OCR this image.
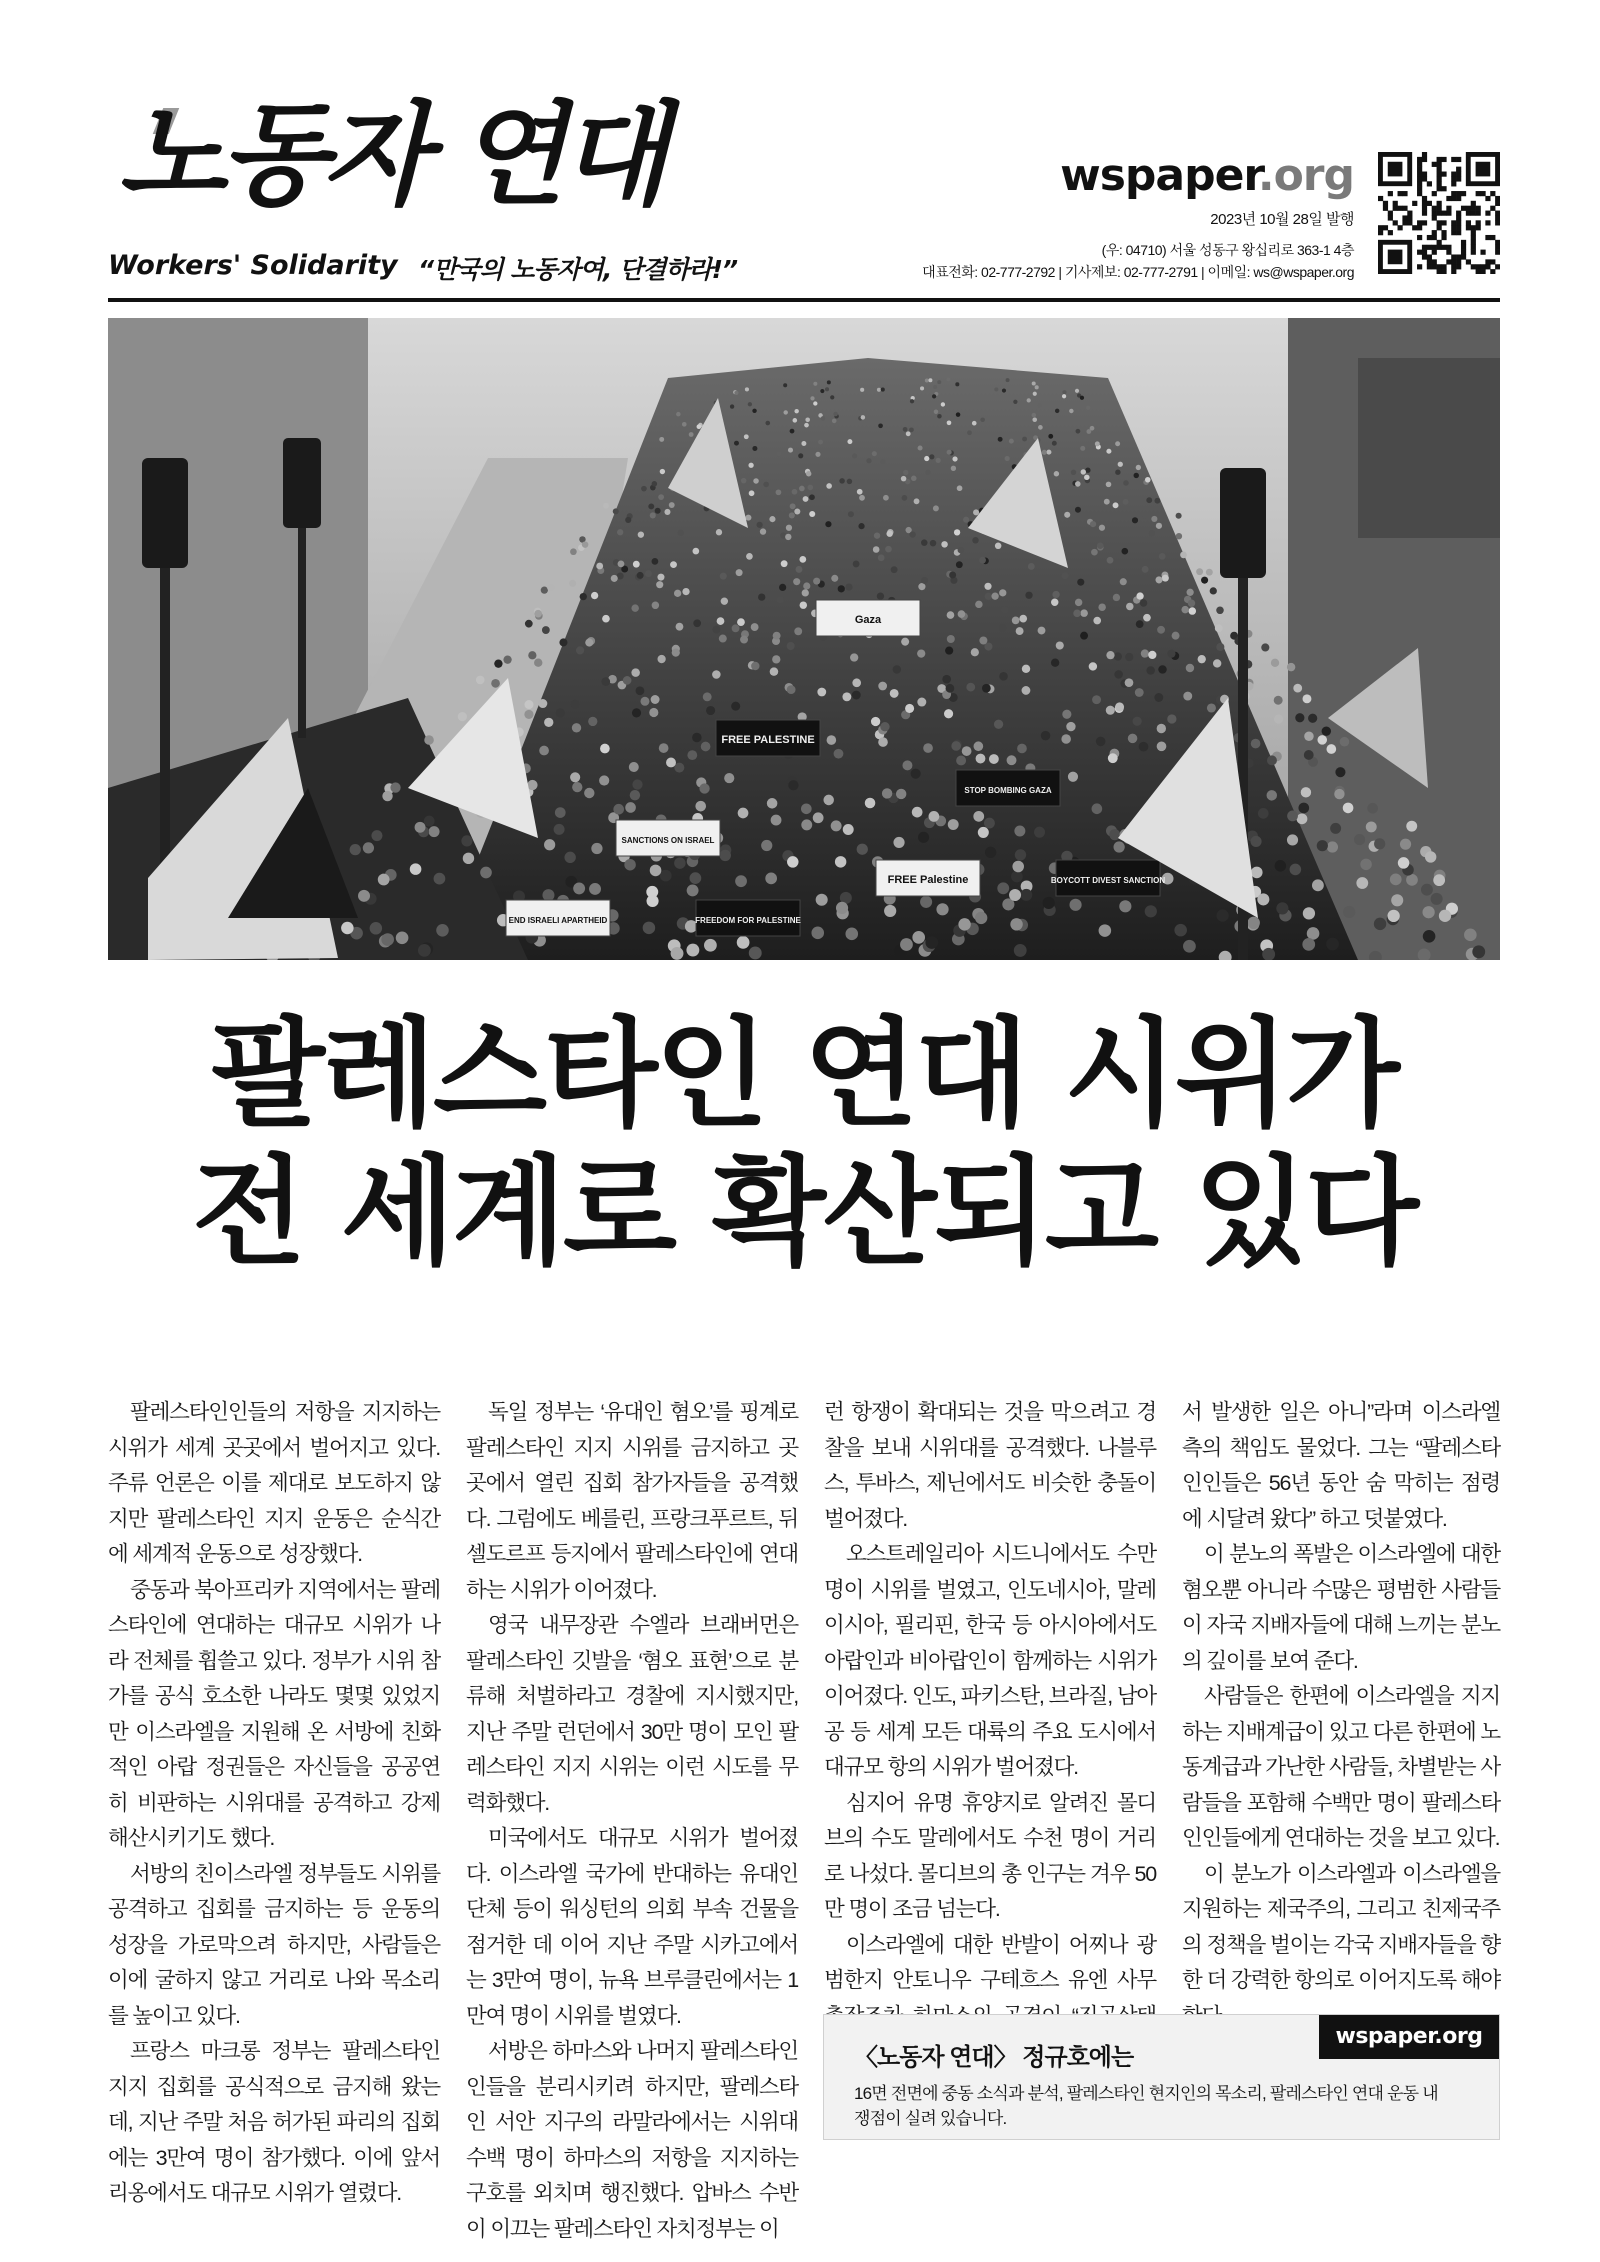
노동자 연대
Workers' Solidarity “만국의 노동자여, 단결하라!”
wspaper.org
2023년 10월 28일 발행
(우: 04710) 서울 성동구 왕십리로 363-1 4층
대표전화: 02-777-2792 | 기사제보: 02-777-2791 | 이메일: ws@wspaper.org
FREE PALESTINE
Gaza
STOP BOMBING GAZA
SANCTIONS ON ISRAEL
BOYCOTT DIVEST SANCTION
FREE Palestine
FREEDOM FOR PALESTINE
END ISRAELI APARTHEID
팔레스타인 연대 시위가
전 세계로 확산되고 있다

팔레스타인인들의 저항을 지지하는 시위가 세계 곳곳에서 벌어지고 있다. 주류 언론은 이를 제대로 보도하지 않지만 팔레스타인 지지 운동은 순식간에 세계적 운동으로 성장했다.

중동과 북아프리카 지역에서는 팔레스타인에 연대하는 대규모 시위가 나라 전체를 휩쓸고 있다. 정부가 시위 참가를 공식 호소한 나라도 몇몇 있었지만 이스라엘을 지원해 온 서방에 친화적인 아랍 정권들은 자신들을 공공연히 비판하는 시위대를 공격하고 강제 해산시키기도 했다.

서방의 친이스라엘 정부들도 시위를 공격하고 집회를 금지하는 등 운동의 성장을 가로막으려 하지만, 사람들은 이에 굴하지 않고 거리로 나와 목소리를 높이고 있다.

프랑스 마크롱 정부는 팔레스타인 지지 집회를 공식적으로 금지해 왔는데, 지난 주말 처음 허가된 파리의 집회에는 3만여 명이 참가했다. 이에 앞서 리옹에서도 대규모 시위가 열렸다.

독일 정부는 ‘유대인 혐오’를 핑계로 팔레스타인 지지 시위를 금지하고 곳곳에서 열린 집회 참가자들을 공격했다. 그럼에도 베를린, 프랑크푸르트, 뒤셀도르프 등지에서 팔레스타인에 연대하는 시위가 이어졌다.

영국 내무장관 수엘라 브래버먼은 팔레스타인 깃발을 ‘혐오 표현’으로 분류해 처벌하라고 경찰에 지시했지만, 지난 주말 런던에서 30만 명이 모인 팔레스타인 지지 시위는 이런 시도를 무력화했다.

미국에서도 대규모 시위가 벌어졌다. 이스라엘 국가에 반대하는 유대인 단체 등이 워싱턴의 의회 부속 건물을 점거한 데 이어 지난 주말 시카고에서는 3만여 명이, 뉴욕 브루클린에서는 1만여 명이 시위를 벌였다.

서방은 하마스와 나머지 팔레스타인인들을 분리시키려 하지만, 팔레스타인 서안 지구의 라말라에서는 시위대 수백 명이 하마스의 저항을 지지하는 구호를 외치며 행진했다. 압바스 수반이 이끄는 팔레스타인 자치정부는 이

런 항쟁이 확대되는 것을 막으려고 경찰을 보내 시위대를 공격했다. 나블루스, 투바스, 제닌에서도 비슷한 충돌이 벌어졌다.

오스트레일리아 시드니에서도 수만 명이 시위를 벌였고, 인도네시아, 말레이시아, 필리핀, 한국 등 아시아에서도 아랍인과 비아랍인이 함께하는 시위가 이어졌다. 인도, 파키스탄, 브라질, 남아공 등 세계 모든 대륙의 주요 도시에서 대규모 항의 시위가 벌어졌다.

심지어 유명 휴양지로 알려진 몰디브의 수도 말레에서도 수천 명이 거리로 나섰다. 몰디브의 총 인구는 겨우 50만 명이 조금 넘는다.

이스라엘에 대한 반발이 어찌나 광범한지 안토니우 구테흐스 유엔 사무

서 발생한 일은 아니”라며 이스라엘 측의 책임도 물었다. 그는 “팔레스타인인들은 56년 동안 숨 막히는 점령에 시달려 왔다” 하고 덧붙였다.

이 분노의 폭발은 이스라엘에 대한 혐오뿐 아니라 수많은 평범한 사람들이 자국 지배자들에 대해 느끼는 분노의 깊이를 보여 준다.

사람들은 한편에 이스라엘을 지지하는 지배계급이 있고 다른 한편에 노동계급과 가난한 사람들, 차별받는 사람들을 포함해 수백만 명이 팔레스타인인들에게 연대하는 것을 보고 있다.

이 분노가 이스라엘과 이스라엘을 지원하는 제국주의, 그리고 친제국주의 정책을 벌이는 각국 지배자들을 향한 더 강력한 항의로 이어지도록 해야

〈노동자 연대〉 정규호에는
16면 전면에 중동 소식과 분석, 팔레스타인 현지인의 목소리, 팔레스타인 연대 운동 내 쟁점이 실려 있습니다.
wspaper.org
